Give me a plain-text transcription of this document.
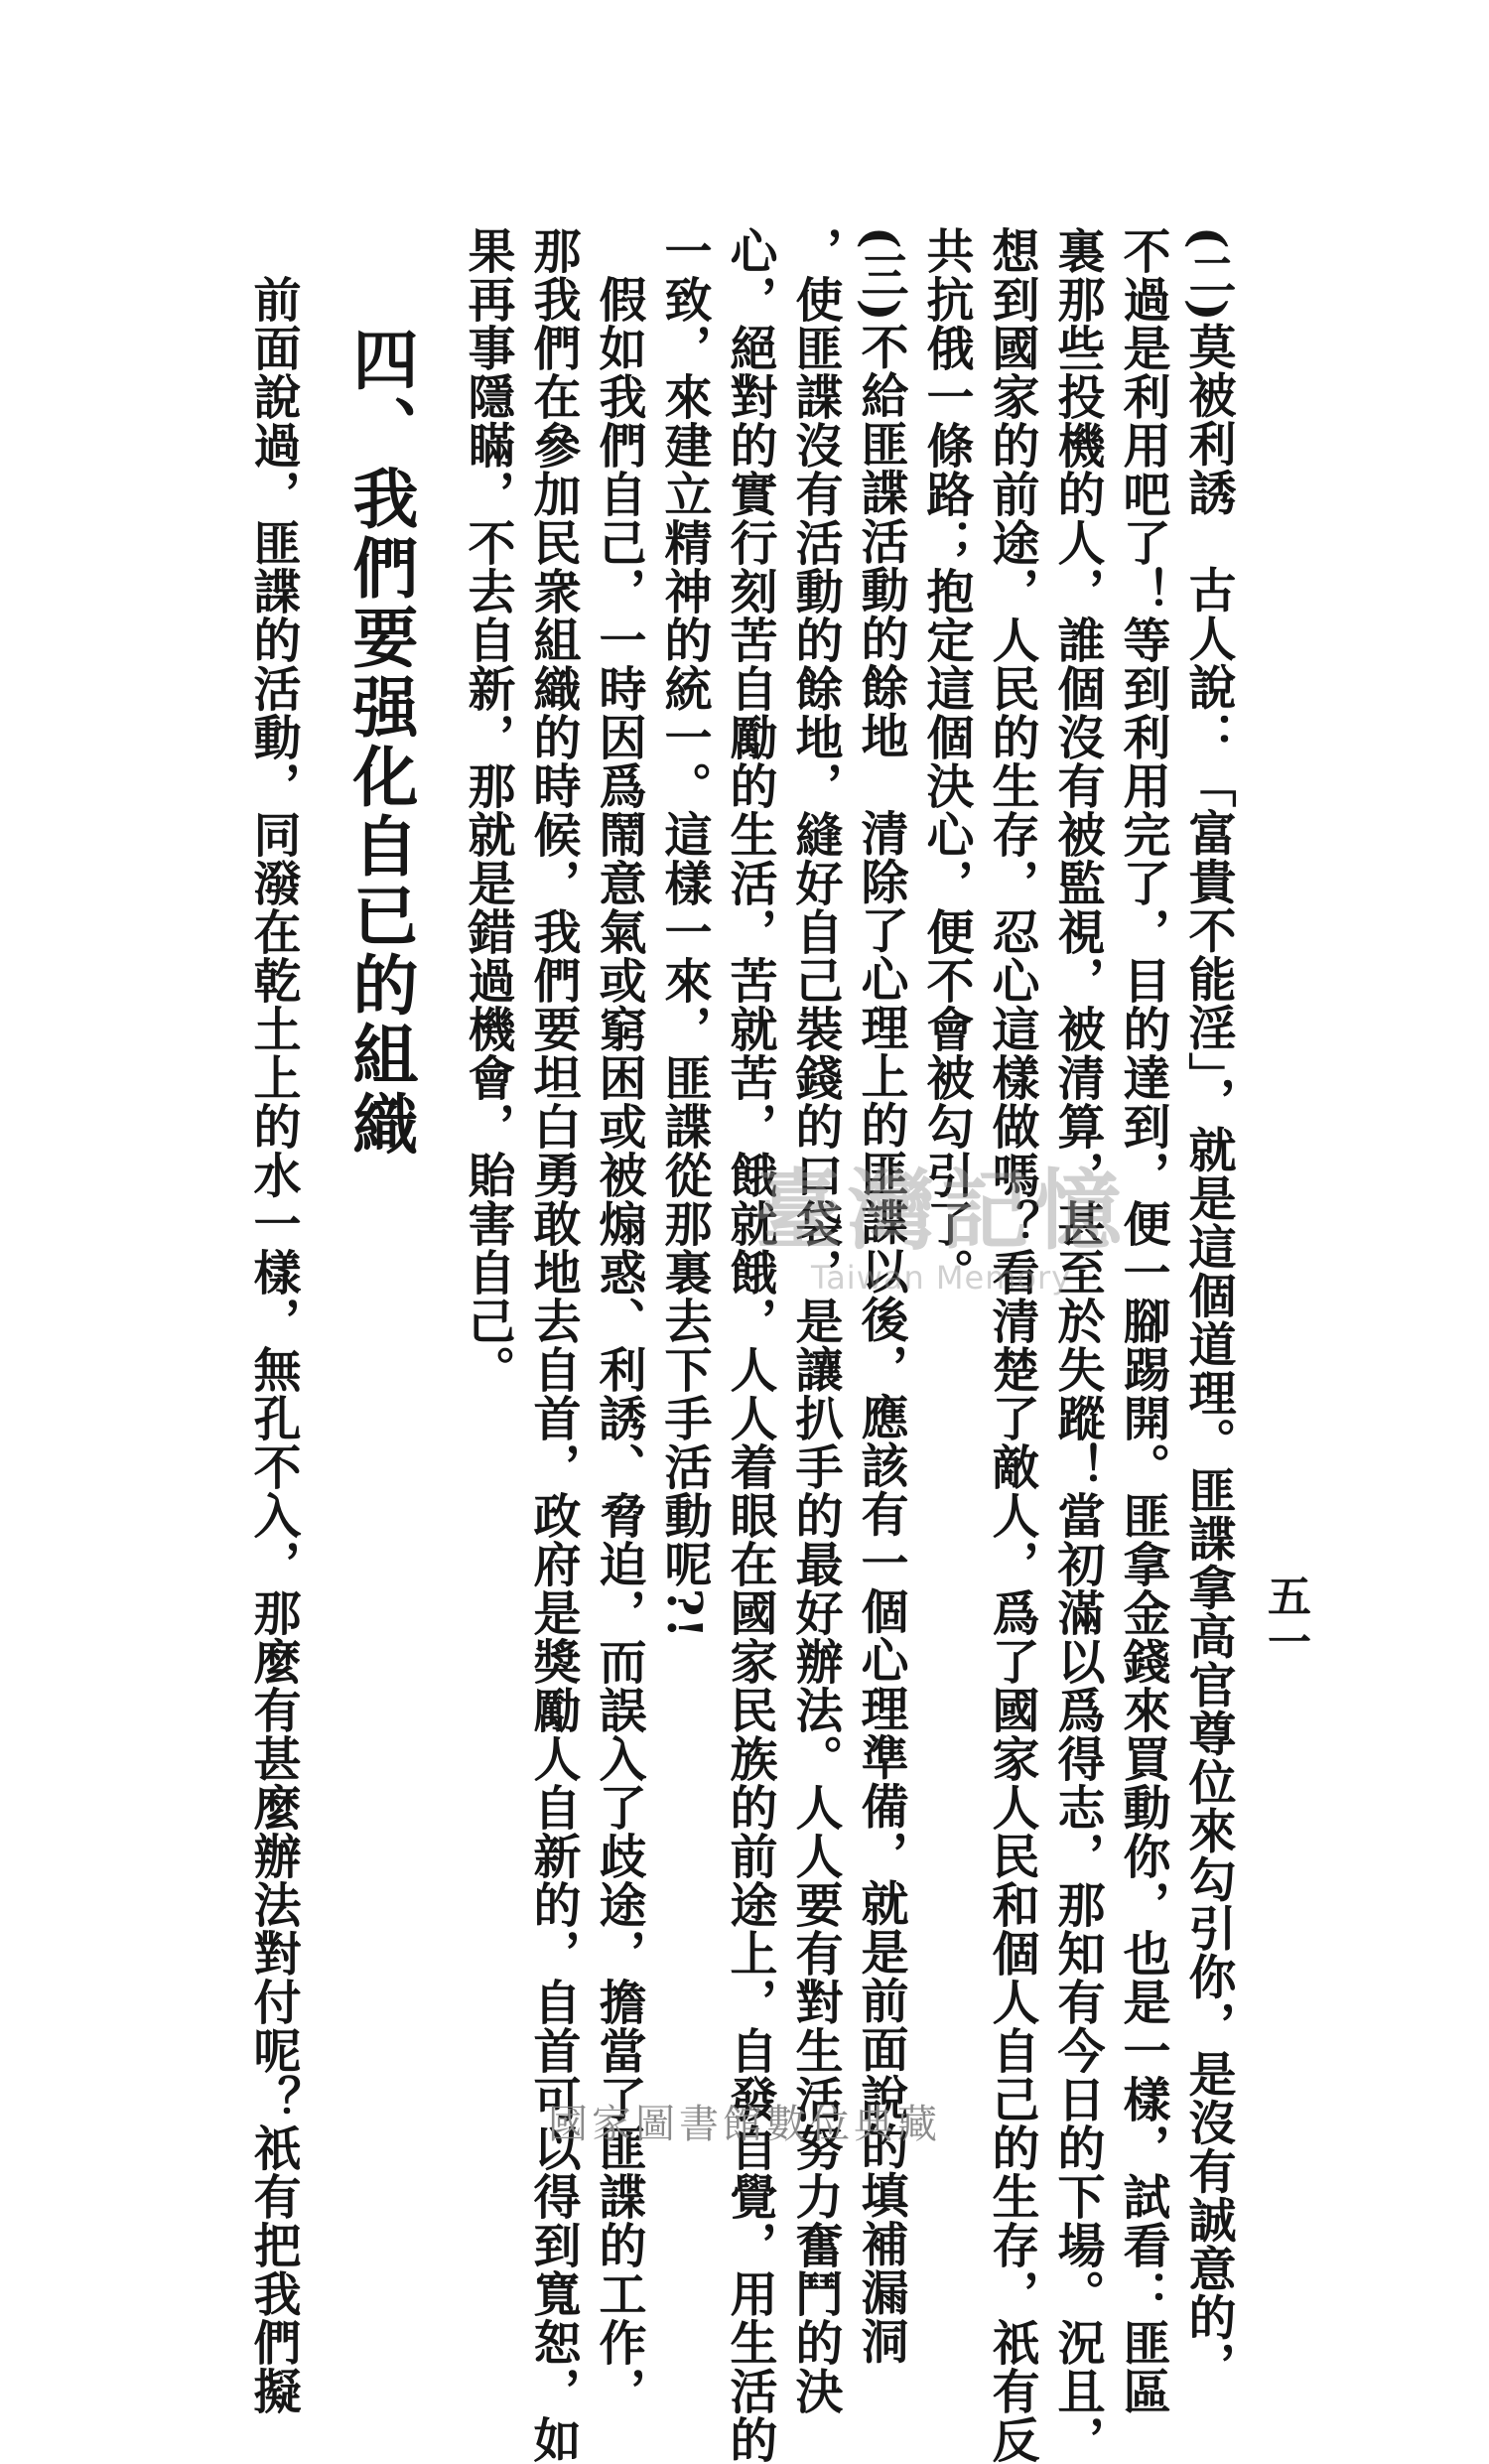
五一
(二)莫被利誘　古人說：「富貴不能淫」，就是這個道理。匪諜拿高官尊位來勾引你，是沒有誠意的，
不過是利用吧了！等到利用完了，目的達到，便一腳踢開。匪拿金錢來買動你，也是一樣，試看：匪區
裏那些投機的人，誰個沒有被監視，被清算，甚至於失蹤！當初滿以爲得志，那知有今日的下場。況且，
想到國家的前途，人民的生存，忍心這樣做嗎？看清楚了敵人，爲了國家人民和個人自己的生存，祇有反
共抗俄一條路；抱定這個決心，便不會被勾引了。
(三)不給匪諜活動的餘地　清除了心理上的匪諜以後，應該有一個心理準備，就是前面說的填補漏洞
，使匪諜沒有活動的餘地，縫好自己裝錢的口袋，是讓扒手的最好辦法。人人要有對生活努力奮鬥的決
心，絕對的實行刻苦自勵的生活，苦就苦，餓就餓，人人着眼在國家民族的前途上，自發自覺，用生活的
一致，來建立精神的統一。這樣一來，匪諜從那裏去下手活動呢?!
　假如我們自己，一時因爲鬧意氣或窮困或被煽惑、利誘、脅迫，而誤入了歧途，擔當了匪諜的工作，
那我們在參加民衆組織的時候，我們要坦白勇敢地去自首，政府是獎勵人自新的，自首可以得到寬恕，如
果再事隱瞞，不去自新，那就是錯過機會，貽害自己。
四、我們要强化自已的組織
　前面說過，匪諜的活動，同潑在乾土上的水一樣，無孔不入，那麼有甚麼辦法對付呢？祇有把我們擬	臺灣記憶
Taiwan Memory
國家圖書館數位典藏
